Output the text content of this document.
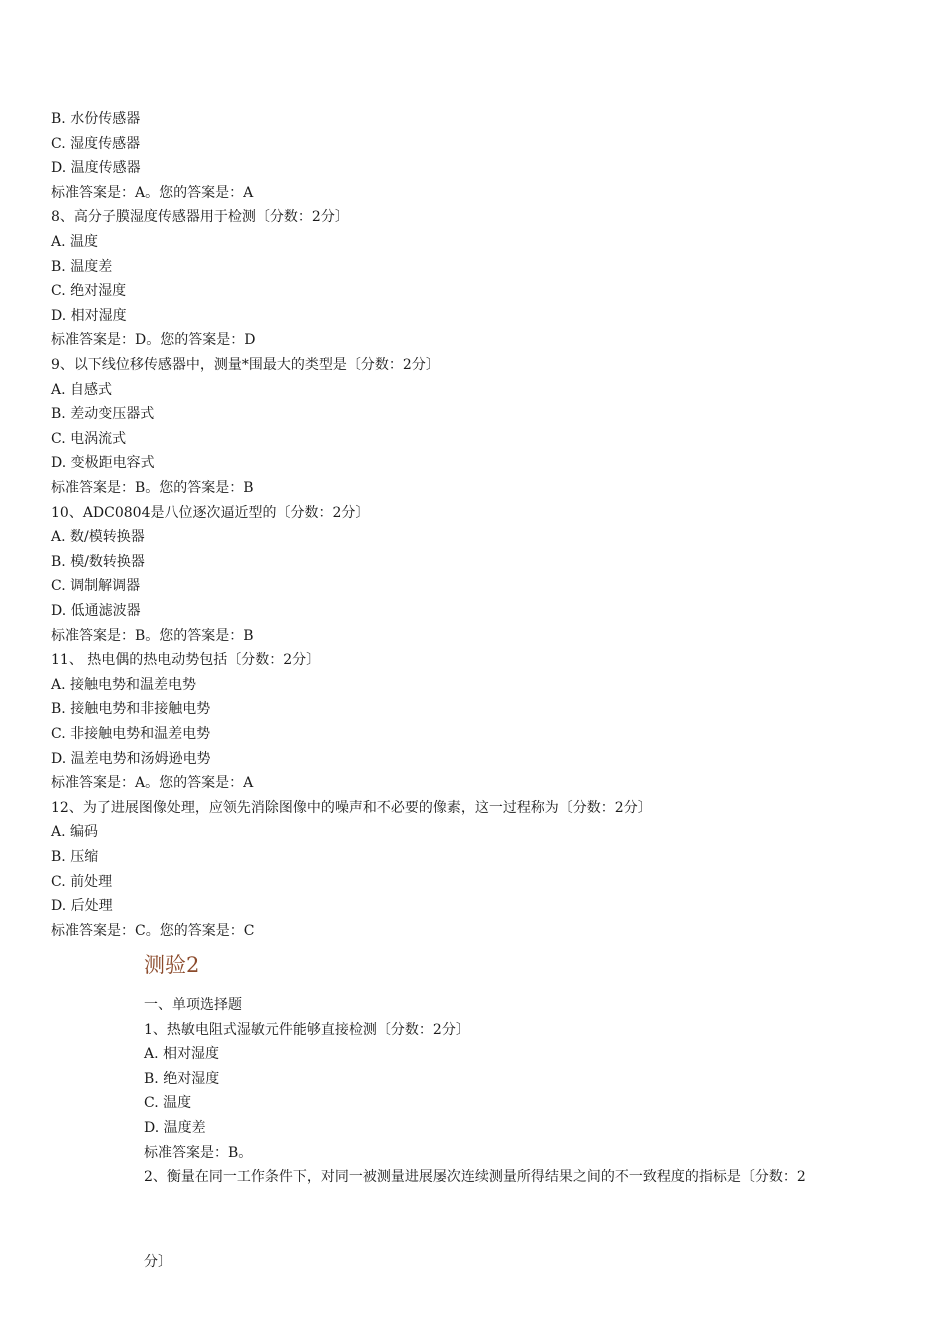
B. 水份传感器
C. 湿度传感器
D. 温度传感器
标准答案是：A。您的答案是：A
8、高分子膜湿度传感器用于检测〔分数：2分〕
A. 温度
B. 温度差
C. 绝对湿度
D. 相对湿度
标准答案是：D。您的答案是：D
9、以下线位移传感器中，测量*围最大的类型是〔分数：2分〕
A. 自感式
B. 差动变压器式
C. 电涡流式
D. 变极距电容式
标准答案是：B。您的答案是：B
10、ADC0804是八位逐次逼近型的〔分数：2分〕
A. 数/模转换器
B. 模/数转换器
C. 调制解调器
D. 低通滤波器
标准答案是：B。您的答案是：B
11、 热电偶的热电动势包括〔分数：2分〕
A. 接触电势和温差电势
B. 接触电势和非接触电势
C. 非接触电势和温差电势
D. 温差电势和汤姆逊电势
标准答案是：A。您的答案是：A
12、为了进展图像处理，应领先消除图像中的噪声和不必要的像素，这一过程称为〔分数：2分〕
A. 编码
B. 压缩
C. 前处理
D. 后处理
标准答案是：C。您的答案是：C
测验2
一、单项选择题
1、热敏电阻式湿敏元件能够直接检测〔分数：2分〕
A. 相对湿度
B. 绝对湿度
C. 温度
D. 温度差
标准答案是：B。
2、衡量在同一工作条件下，对同一被测量进展屡次连续测量所得结果之间的不一致程度的指标是〔分数：2
分〕
